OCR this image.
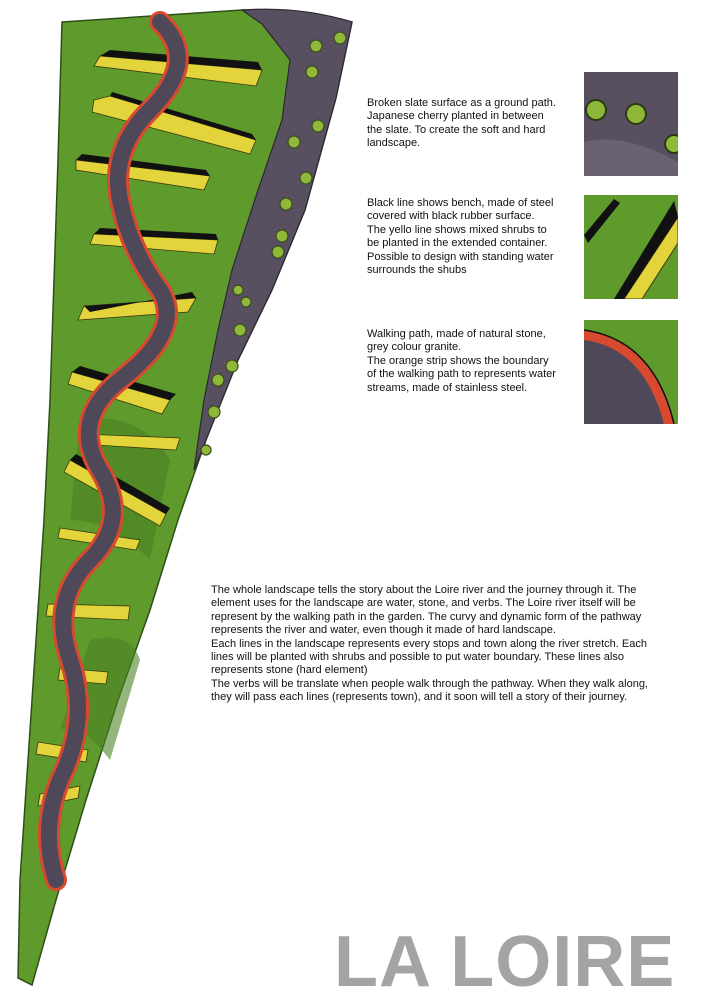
Broken slate surface as a ground path.

Japanese cherry planted in between

the slate. To create the soft and hard

landscape.

Black line shows bench, made of steel

covered with black rubber surface.

The yello line shows mixed shrubs to

be planted in the extended container.

Possible to design with standing water

surrounds the shubs

Walking path, made of natural stone,

grey colour granite.

The orange strip shows the boundary

of the walking path to represents water

streams, made of stainless steel.

The whole landscape tells the story about the Loire river and the journey through it. The

element uses for the landscape are water, stone, and verbs. The Loire river itself will be

represent by the walking path in the garden. The curvy and dynamic form of the pathway

represents the river and water, even though it made of hard landscape.

Each lines in the landscape represents every stops and town along the river stretch. Each

lines will be planted with shrubs and possible to put water boundary. These lines also

represents stone (hard element)

The verbs will be translate when people walk through the pathway. When they walk along,

they will pass each lines (represents town), and it soon will tell a story of their journey.

LA LOIRE
